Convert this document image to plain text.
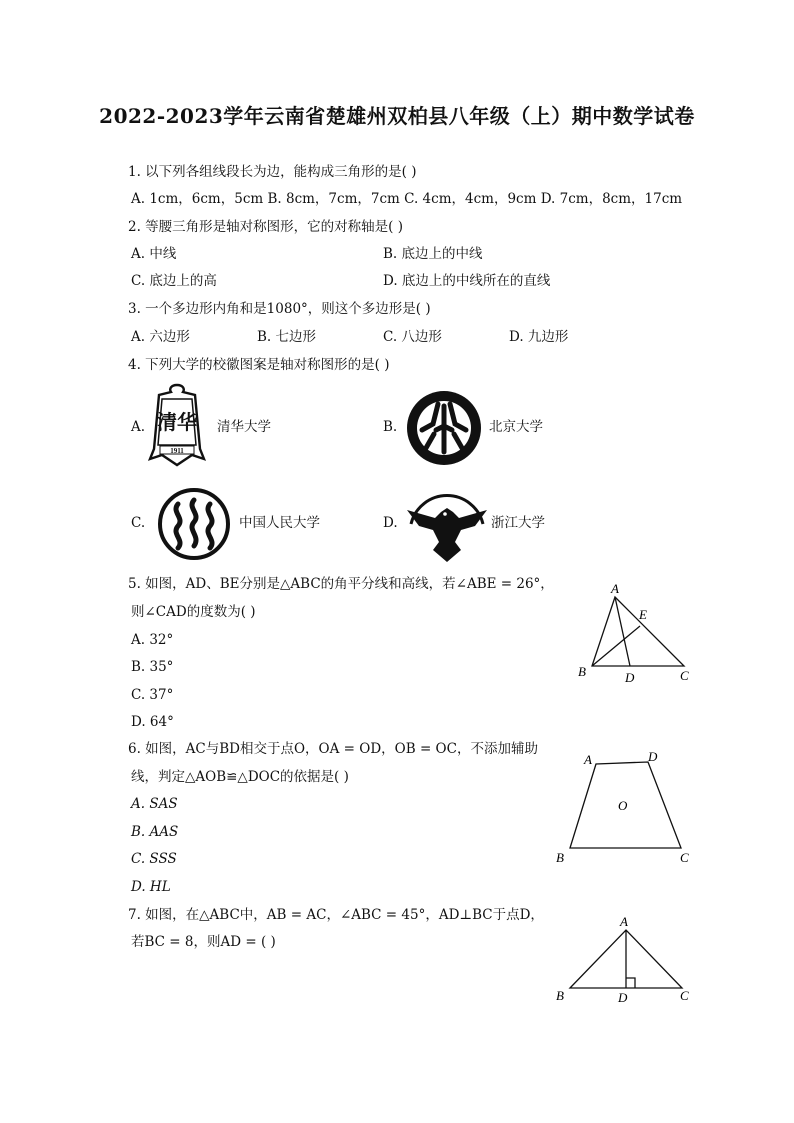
2022-2023学年云南省楚雄州双柏县八年级（上）期中数学试卷
1. 以下列各组线段长为边，能构成三角形的是( )
A. 1cm，6cm，5cm B. 8cm，7cm，7cm C. 4cm，4cm，9cm D. 7cm，8cm，17cm
2. 等腰三角形是轴对称图形，它的对称轴是( )
A. 中线	B. 底边上的中线
C. 底边上的高	D. 底边上的中线所在的直线
3. 一个多边形内角和是1080°，则这个多边形是( )
A. 六边形	B. 七边形	C. 八边形	D. 九边形
4. 下列大学的校徽图案是轴对称图形的是( )
A. 清华
1911
清华大学	B.	北京大学
C.	中国人民大学	D.	浙江大学
5. 如图，AD、BE分别是△ABC的角平分线和高线，若∠ABE = 26°，
则∠CAD的度数为( )
A. 32°
B. 35°
C. 37°
D. 64°
A
B	C
D
E
6. 如图，AC与BD相交于点O，OA = OD，OB = OC，不添加辅助
线，判定△AOB≌△DOC的依据是( )
A. SAS
B. AAS
C. SSS
D. HL
A	D
B	C
O
7. 如图，在△ABC中，AB = AC，∠ABC = 45°，AD⊥BC于点D，
若BC = 8，则AD = ( )
A
B	C
D
